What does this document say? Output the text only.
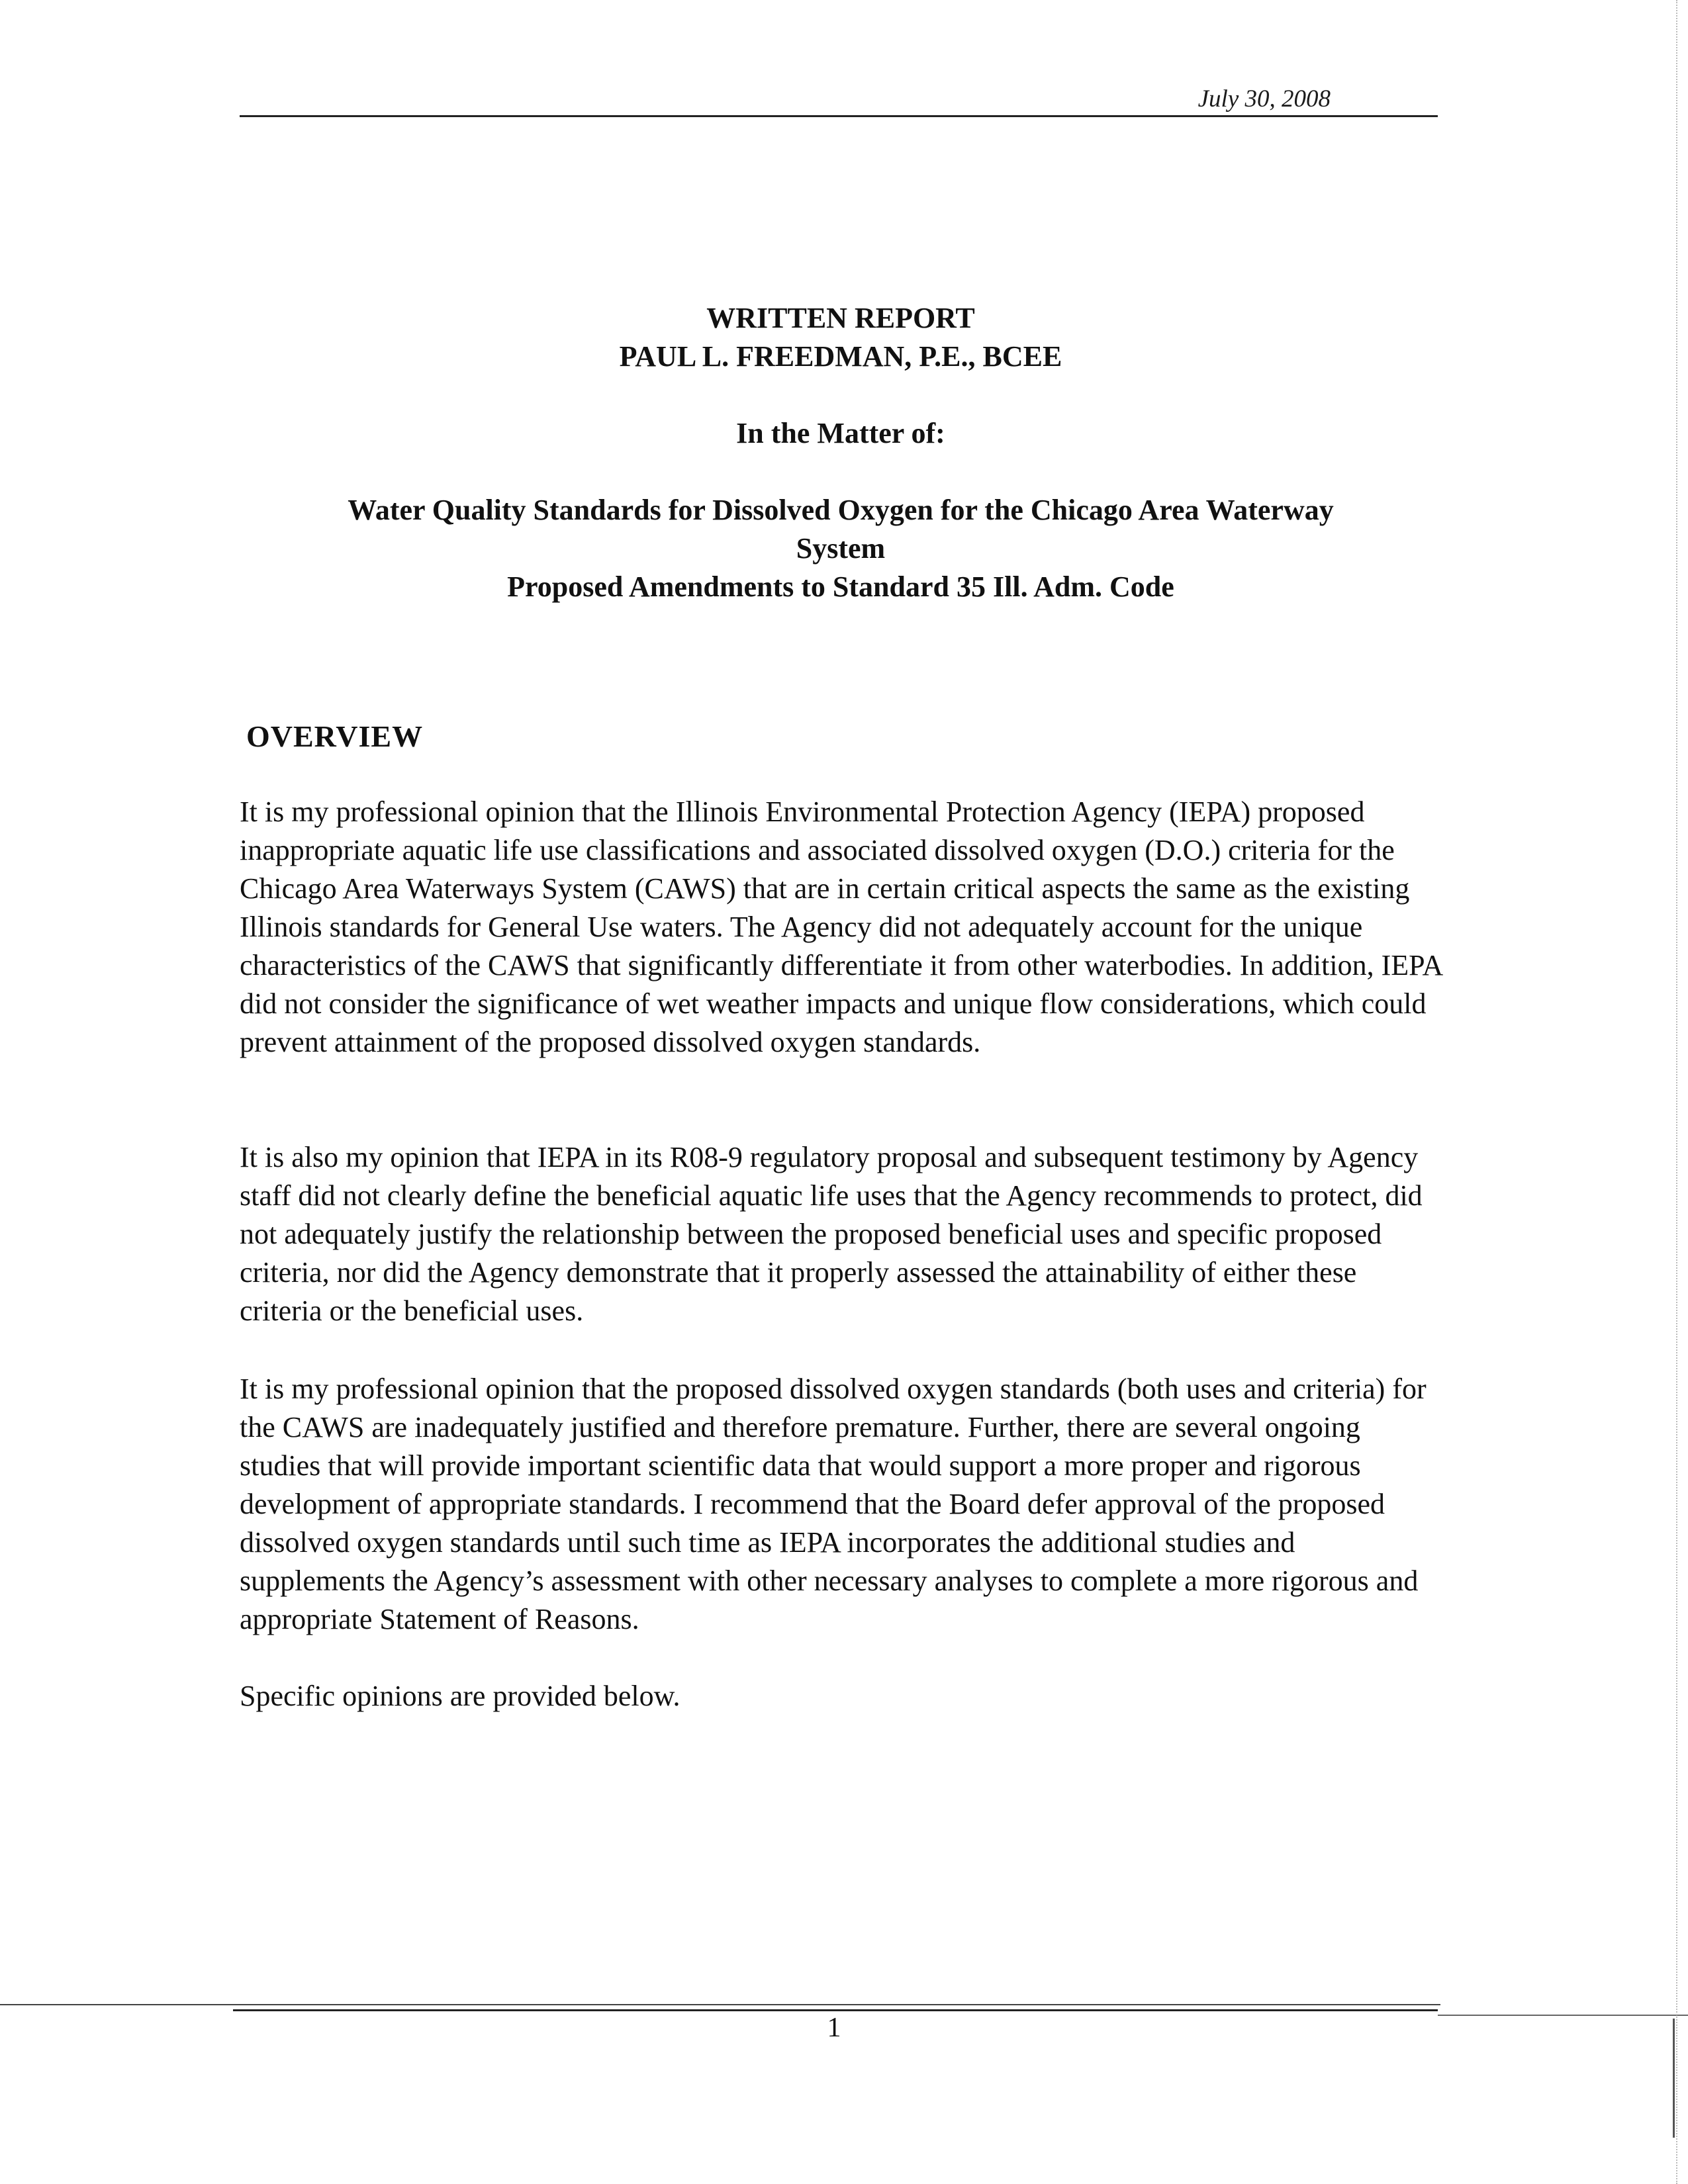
July 30, 2008
WRITTEN REPORT
PAUL L. FREEDMAN, P.E., BCEE
In the Matter of:
Water Quality Standards for Dissolved Oxygen for the Chicago Area Waterway
System
Proposed Amendments to Standard 35 Ill. Adm. Code
OVERVIEW
It is my professional opinion that the Illinois Environmental Protection Agency (IEPA) proposed inappropriate aquatic life use classifications and associated dissolved oxygen (D.O.) criteria for the Chicago Area Waterways System (CAWS) that are in certain critical aspects the same as the existing Illinois standards for General Use waters. The Agency did not adequately account for the unique characteristics of the CAWS that significantly differentiate it from other waterbodies. In addition, IEPA did not consider the significance of wet weather impacts and unique flow considerations, which could prevent attainment of the proposed dissolved oxygen standards.
It is also my opinion that IEPA in its R08-9 regulatory proposal and subsequent testimony by Agency staff did not clearly define the beneficial aquatic life uses that the Agency recommends to protect, did not adequately justify the relationship between the proposed beneficial uses and specific proposed criteria, nor did the Agency demonstrate that it properly assessed the attainability of either these criteria or the beneficial uses.
It is my professional opinion that the proposed dissolved oxygen standards (both uses and criteria) for the CAWS are inadequately justified and therefore premature. Further, there are several ongoing studies that will provide important scientific data that would support a more proper and rigorous development of appropriate standards. I recommend that the Board defer approval of the proposed dissolved oxygen standards until such time as IEPA incorporates the additional studies and supplements the Agency’s assessment with other necessary analyses to complete a more rigorous and appropriate Statement of Reasons.
Specific opinions are provided below.
1
